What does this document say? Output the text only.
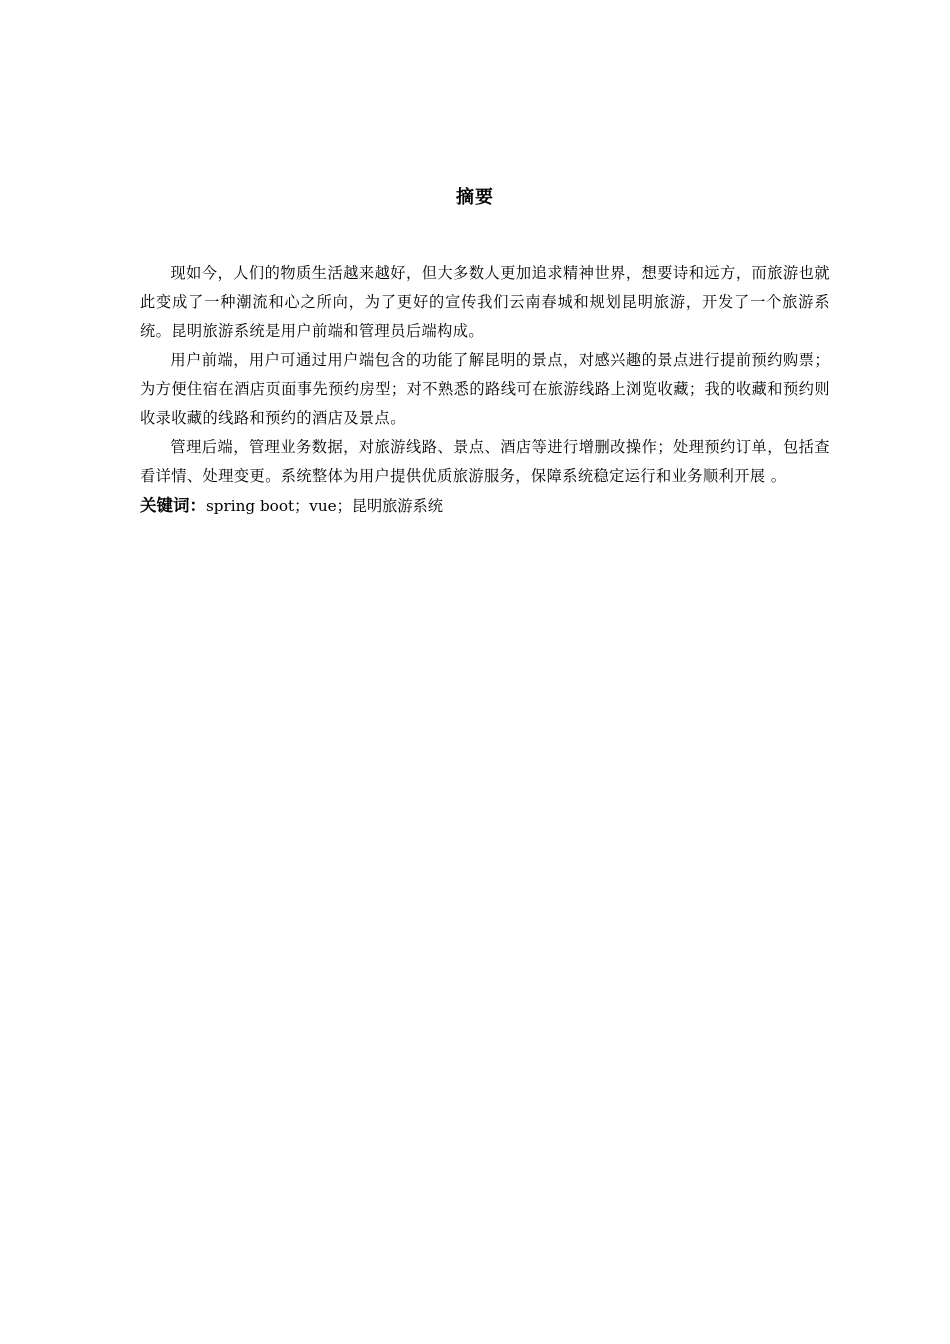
摘要

现如今，人们的物质生活越来越好，但大多数人更加追求精神世界，想要诗和远方，而旅游也就此变成了一种潮流和心之所向，为了更好的宣传我们云南春城和规划昆明旅游，开发了一个旅游系统。昆明旅游系统是用户前端和管理员后端构成。

用户前端，用户可通过用户端包含的功能了解昆明的景点，对感兴趣的景点进行提前预约购票；为方便住宿在酒店页面事先预约房型；对不熟悉的路线可在旅游线路上浏览收藏；我的收藏和预约则收录收藏的线路和预约的酒店及景点。

管理后端，管理业务数据，对旅游线路、景点、酒店等进行增删改操作；处理预约订单，包括查看详情、处理变更。系统整体为用户提供优质旅游服务，保障系统稳定运行和业务顺利开展 。

关键词：spring boot；vue；昆明旅游系统
